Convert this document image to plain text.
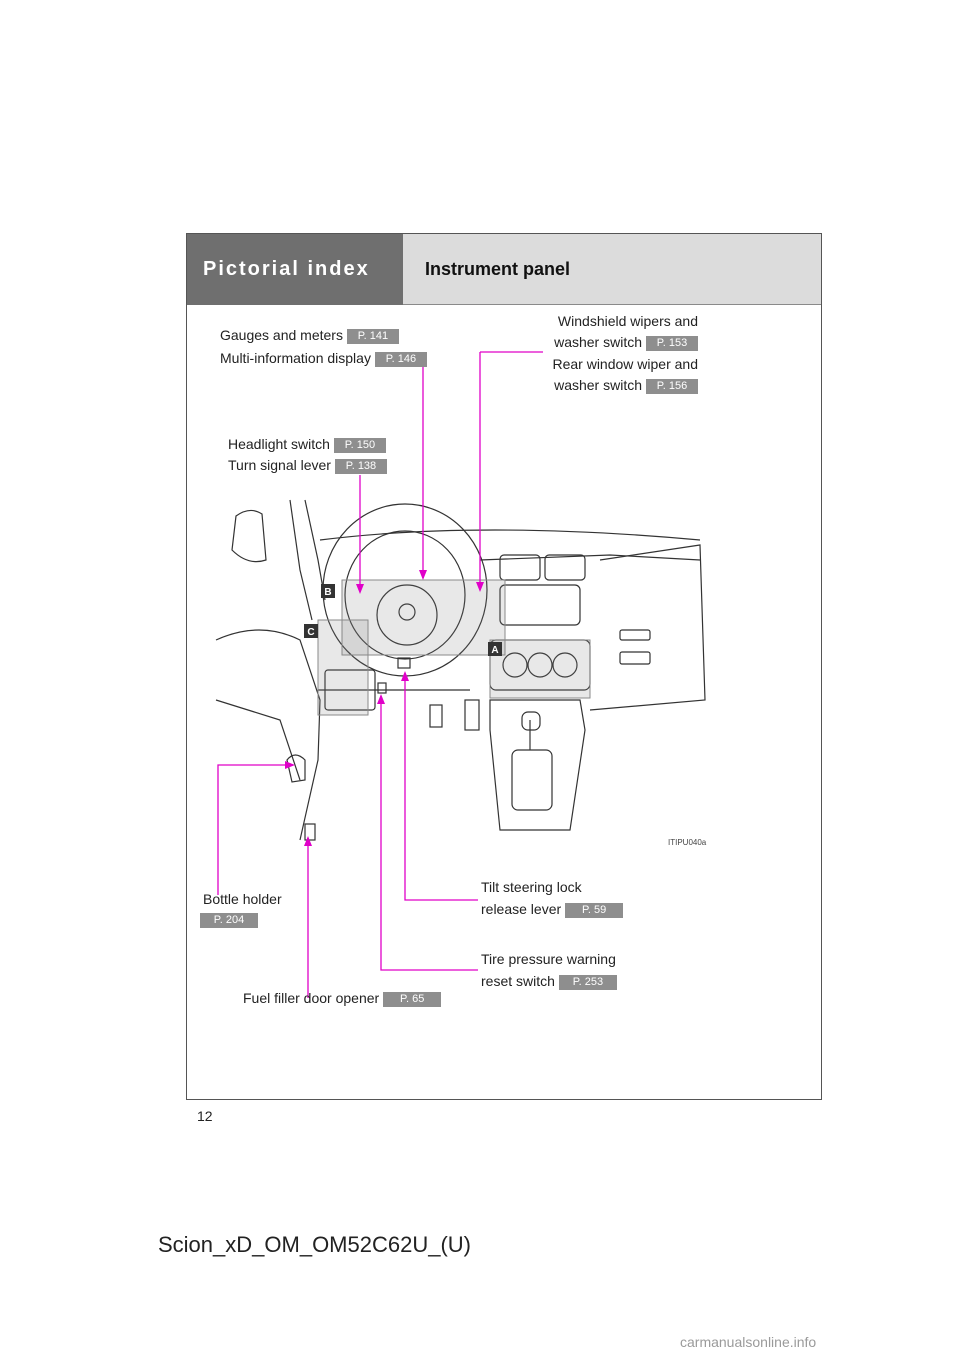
Pictorial index	Instrument panel
B
C
A
Gauges and meters P. 141
Multi-information display P. 146
Windshield wipers and
washer switch P. 153
Rear window wiper and
washer switch P. 156
Headlight switch P. 150
Turn signal lever P. 138
Bottle holder
P. 204
Tilt steering lock
release lever P. 59
Tire pressure warning
reset switch P. 253
Fuel filler door opener P. 65
ITIPU040a
12
Scion_xD_OM_OM52C62U_(U)
carmanualsonline.info
